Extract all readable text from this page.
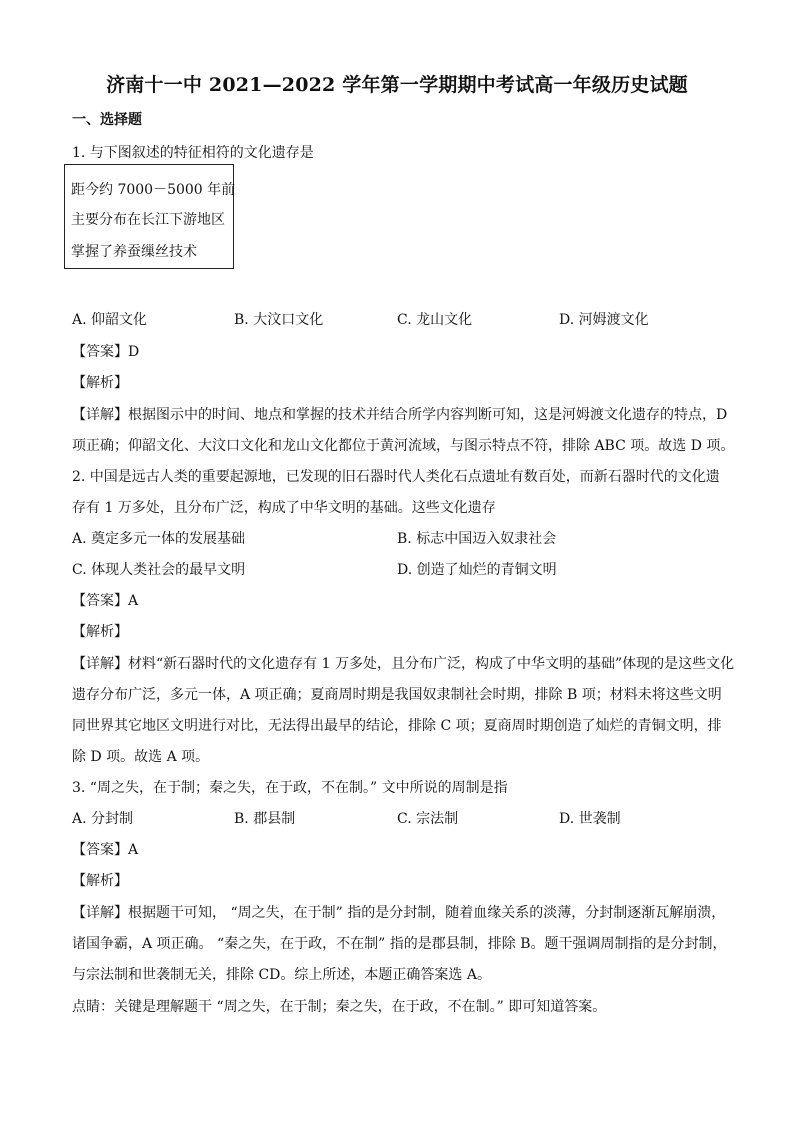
济南十一中 2021—2022 学年第一学期期中考试高一年级历史试题
一、选择题
1. 与下图叙述的特征相符的文化遗存是
距今约 7000－5000 年前
主要分布在长江下游地区
掌握了养蚕缫丝技术
A. 仰韶文化	B. 大汶口文化	C. 龙山文化	D. 河姆渡文化
【答案】D
【解析】
【详解】根据图示中的时间、地点和掌握的技术并结合所学内容判断可知，这是河姆渡文化遗存的特点，D
项正确；仰韶文化、大汶口文化和龙山文化都位于黄河流域，与图示特点不符，排除 ABC 项。故选 D 项。
2. 中国是远古人类的重要起源地，已发现的旧石器时代人类化石点遗址有数百处，而新石器时代的文化遗
存有 1 万多处，且分布广泛，构成了中华文明的基础。这些文化遗存
A. 奠定多元一体的发展基础	B. 标志中国迈入奴隶社会
C. 体现人类社会的最早文明	D. 创造了灿烂的青铜文明
【答案】A
【解析】
【详解】材料“新石器时代的文化遗存有 1 万多处，且分布广泛，构成了中华文明的基础”体现的是这些文化
遗存分布广泛，多元一体，A 项正确；夏商周时期是我国奴隶制社会时期，排除 B 项；材料未将这些文明
同世界其它地区文明进行对比，无法得出最早的结论，排除 C 项；夏商周时期创造了灿烂的青铜文明，排
除 D 项。故选 A 项。
3. “周之失，在于制；秦之失，在于政，不在制。” 文中所说的周制是指
A. 分封制	B. 郡县制	C. 宗法制	D. 世袭制
【答案】A
【解析】
【详解】根据题干可知， “周之失，在于制” 指的是分封制，随着血缘关系的淡薄，分封制逐渐瓦解崩溃，
诸国争霸，A 项正确。 “秦之失，在于政，不在制” 指的是郡县制，排除 B。题干强调周制指的是分封制，
与宗法制和世袭制无关，排除 CD。综上所述，本题正确答案选 A。
点睛：关键是理解题干 “周之失，在于制；秦之失，在于政，不在制。” 即可知道答案。
